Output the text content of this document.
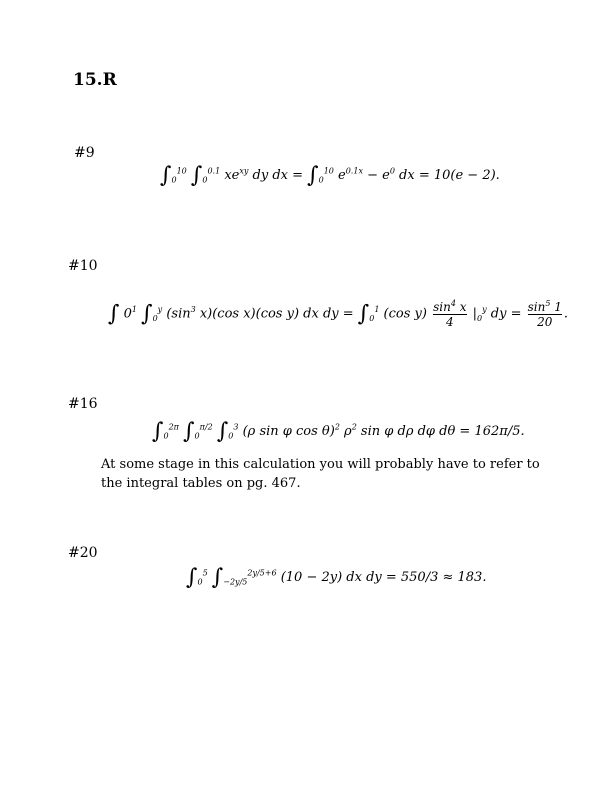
15.R
#9
$\int_0^{10}$ $\int_0^{0.1}$ $xe^{xy}$ dy dx = $\int_0^{10}$ $e^{0.1x} - e^0$ dx = 10(e − 2).
#10
∫ $0^1$ $\int_0^y$ ($\sin^3$ x)(cos x)(cos y) dx dy = $\int_0^1$ (cos $y) \frac{\sin^4 x}{4} |_0^y$ dy = $\frac{\sin^5 1}{20}$ .
#16
$\int_0^{2\pi}$ $\int_0^{\pi/2}$ $\int_0^3$ (ρ sin φ cos θ)$^2$ $\rho^2$ sin φ dρ dφ dθ = 162π/5.
At some stage in this calculation you will probably have to refer to the integral tables on pg. 467.
#20
$\int_0^5$ $\int_{-2y/5}^{2y/5+6}$ (10 − 2y) dx dy = 550/3 ≈ 183.
